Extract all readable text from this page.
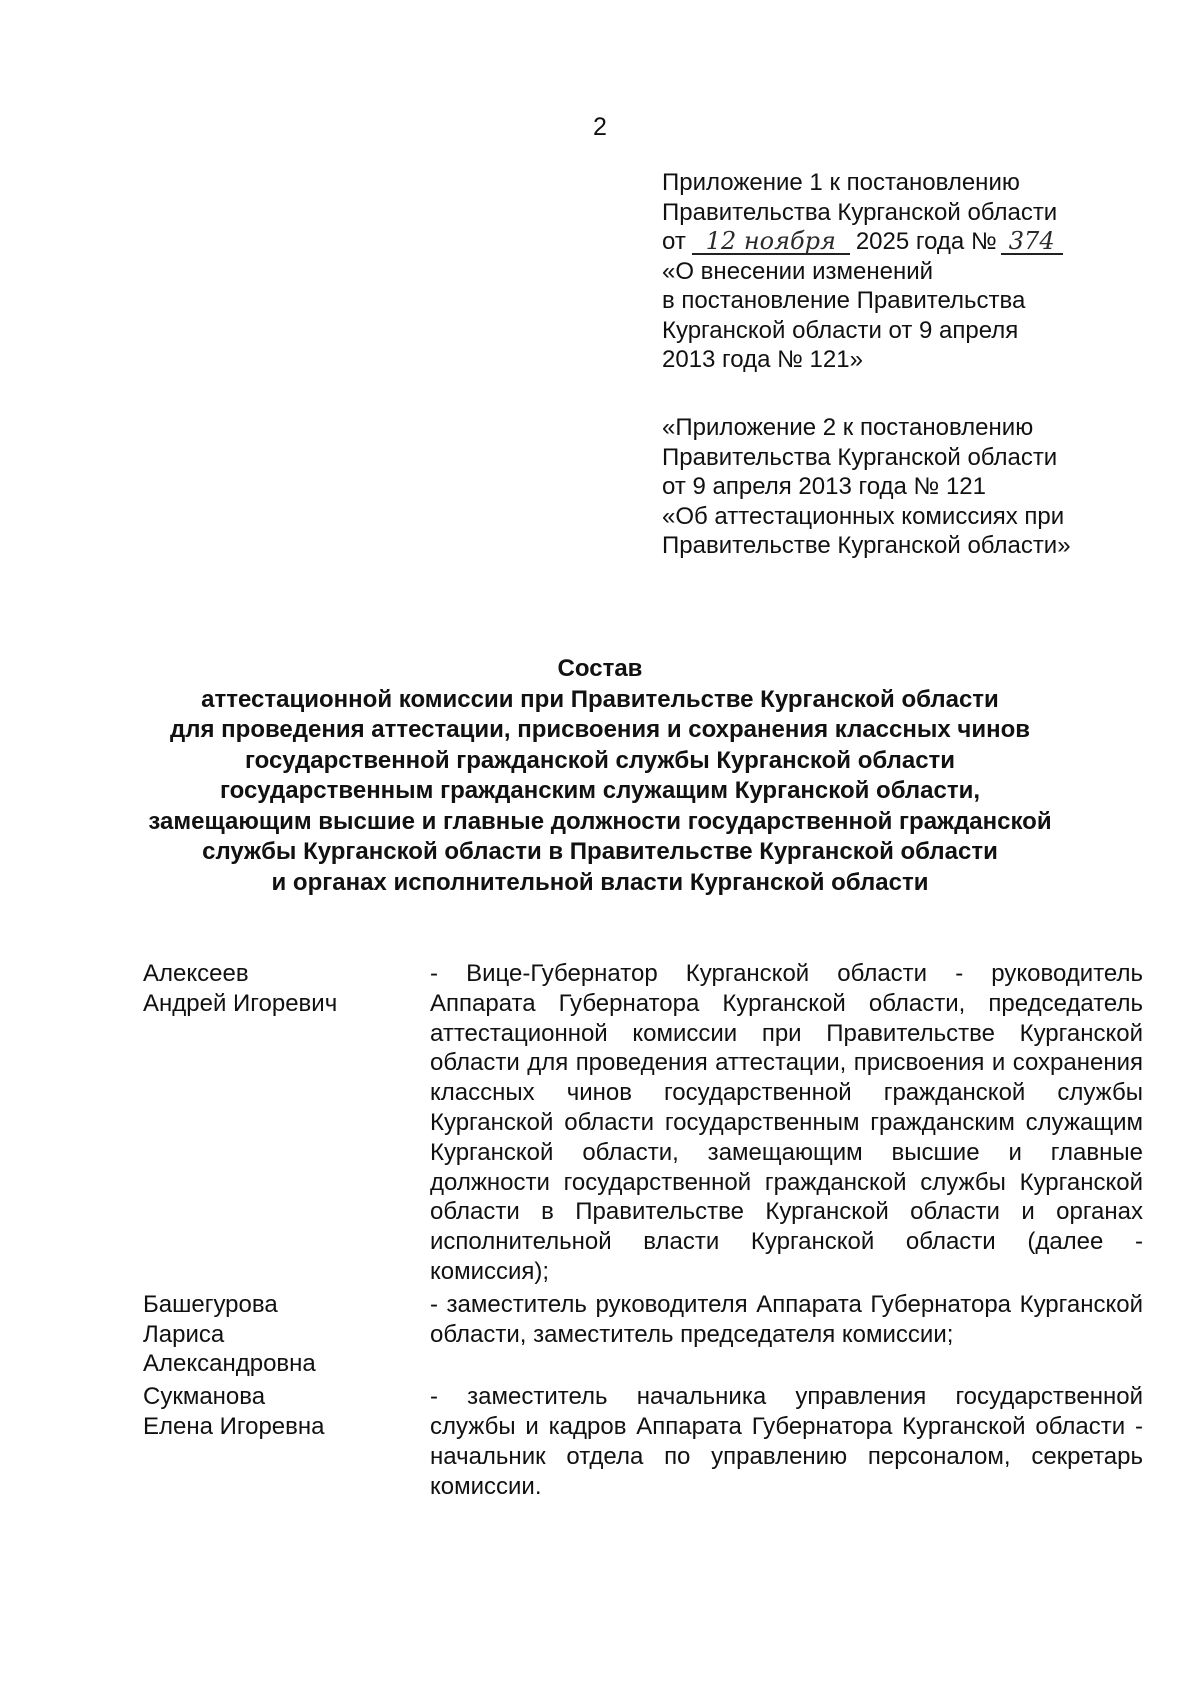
2
Приложение 1 к постановлению
Правительства Курганской области
от 12 ноября 2025 года № 374
«О внесении изменений
в постановление Правительства
Курганской области от 9 апреля
2013 года № 121»
«Приложение 2 к постановлению
Правительства Курганской области
от 9 апреля 2013 года № 121
«Об аттестационных комиссиях при
Правительстве Курганской области»
Состав
аттестационной комиссии при Правительстве Курганской области
для проведения аттестации, присвоения и сохранения классных чинов
государственной гражданской службы Курганской области
государственным гражданским служащим Курганской области,
замещающим высшие и главные должности государственной гражданской
службы Курганской области в Правительстве Курганской области
и органах исполнительной власти Курганской области
Алексеев
Андрей Игоревич
- Вице-Губернатор Курганской области - руководитель Аппарата Губернатора Курганской области, председатель аттестационной комиссии при Правительстве Курганской области для проведения аттестации, присвоения и сохранения классных чинов государственной гражданской службы Курганской области государственным гражданским служащим Курганской области, замещающим высшие и главные должности государственной гражданской службы Курганской области в Правительстве Курганской области и органах исполнительной власти Курганской области (далее - комиссия);
Башегурова
Лариса
Александровна
- заместитель руководителя Аппарата Губернатора Курганской области, заместитель председателя комиссии;
Сукманова
Елена Игоревна
- заместитель начальника управления государственной службы и кадров Аппарата Губернатора Курганской области - начальник отдела по управлению персоналом, секретарь комиссии.
